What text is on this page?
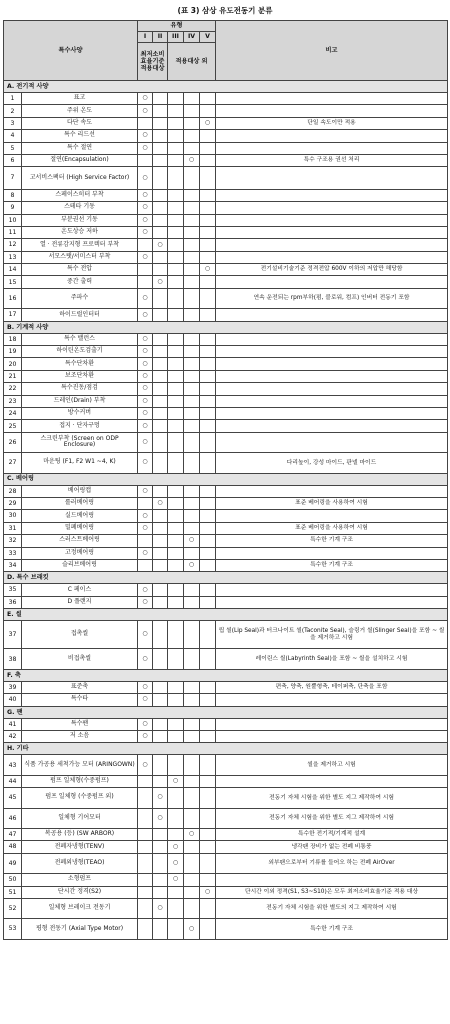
(표 3) 삼상 유도전동기 분류
특수사양		유형					비고
		I	II	III	IV	V	
		최저소비 효율기준 적용대상		적용대상 외			
A. 전기적 사양							
1	표고	○					
2	주위 온도	○					
3	다단 속도					○	단일 속도이만 적용
4	특수 리드선	○					
5	특수 절연	○					
6	절연(Encapsulation)				○		특수 구조용 권선 처리
7	고서비스팩터 (High Service Factor)	○					
8	스페이스히터 부착	○					
9	스테타 기동	○					
10	부분권선 기동	○					
11	온도상승 저하	○					
12	열 · 전류감지형 프로텍터 부착		○				
13	서모스탯/서미스터 부착	○					
14	특수 전압					○	전기설비기술기준 정격전압 600V 이하의 저압만 해당함
15	중간 출력		○				
16	주파수	○					연속 운전되는 rpm부하(펌, 블로워, 컴프) 인버터 전동기 포함
17	하이드럴인터터	○					
B. 기계적 사양							
18	특수 밸런스	○					
19	하이틴온도검출기	○					
20	특수단차환	○					
21	보조단차환	○					
22	특수진동/점검	○					
23	드레인(Drain) 부착	○					
24	방수커버	○					
25	접지 · 단자구멍	○					
26	스크린부착 (Screen on ODP Enclosure)	○					
27	마운팅 (F1, F2 W1 ~4, K)	○					다리높이, 강성 마이드, 판넬 마이드
C. 베어링							
28	베어링캡	○					
29	롤러베어링		○				표준 베어링을 사용하여 시험
30	실드베어링	○					
31	밀폐베어링	○					표준 베어링을 사용하여 시험
32	스러스트베어링				○		특수한 기계 구조
33	고정베어링	○					
34	슬리브베어링				○		특수한 기계 구조
D. 특수 브래킷							
35	C 페이스	○					
36	D 플랜지	○					
E. 씰							
37	접촉씰	○					립 씰(Lip Seal)과 터크나이트 씰(Taconite Seal), 슬링거 씰(Slinger Seal)을 포함 ~ 씰을 제거하고 시험
38	비접촉씰	○					레이린스 씰(Labyrinth Seal)을 포함 ~ 씰을 설치하고 시험
F. 축							
39	표준축	○					편축, 양축, 원뿔형축, 테이퍼축, 단축을 포함
40	특수타	○					
G. 팬							
41	특수팬	○					
42	저 소음	○					
H. 기타							
43	식품 가공용 세척가능 모터 (ARINGOWN)	○					씰을 제거하고 시험
44	펌프 일체형(수중펌프)			○			
45	펌프 일체형 (수중펌프 외)		○				전동기 자체 시험을 위한 별도 지그 제작하여 시험
46	일체형 기어모터		○				전동기 자체 시험을 위한 별도 지그 제작하여 시험
47	복공용 (등) (SW ARBOR)				○		특수한 전기적/기계적 설계
48	전폐자냉형(TENV)			○			냉각팬 장비가 없는 전폐 비통풍
49	전폐외냉형(TEAO)			○			외부팬으로부터 기류를 들어오 하는 전폐 AirOver
50	소형펌프			○			
51	단시간 정격(S2)					○	단시간 이외 정격(S1, S3~S10)은 모두 최저소비효율기준 적용 대상
52	일체형 브레이크 전동기		○				전동기 자체 시험을 위한 별도의 지그 제작하여 시험
53	평형 전동기 (Axial Type Motor)				○		특수한 기계 구조
